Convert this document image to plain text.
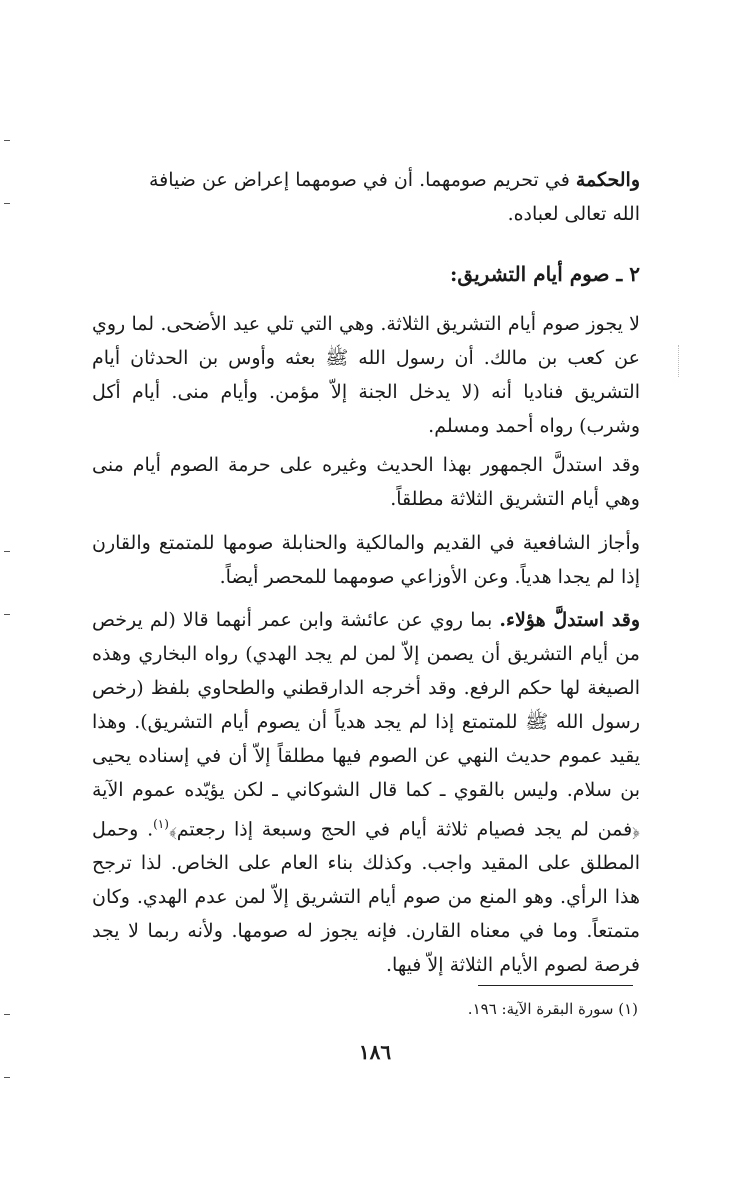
والحكمة في تحريم صومهما. أن في صومهما إعراض عن ضيافة
الله تعالى لعباده.

٢ ـ صوم أيام التشريق:

لا يجوز صوم أيام التشريق الثلاثة. وهي التي تلي عيد الأضحى. لما روي عن كعب بن مالك. أن رسول الله ﷺ بعثه وأوس بن الحدثان أيام التشريق فناديا أنه (لا يدخل الجنة إلاّ مؤمن. وأيام منى. أيام أكل وشرب) رواه أحمد ومسلم.

وقد استدلَّ الجمهور بهذا الحديث وغيره على حرمة الصوم أيام منى وهي أيام التشريق الثلاثة مطلقاً.

وأجاز الشافعية في القديم والمالكية والحنابلة صومها للمتمتع والقارن إذا لم يجدا هدياً. وعن الأوزاعي صومهما للمحصر أيضاً.

وقد استدلَّ هؤلاء. بما روي عن عائشة وابن عمر أنهما قالا (لم يرخص من أيام التشريق أن يصمن إلاّ لمن لم يجد الهدي) رواه البخاري وهذه الصيغة لها حكم الرفع. وقد أخرجه الدارقطني والطحاوي بلفظ (رخص رسول الله ﷺ للمتمتع إذا لم يجد هدياً أن يصوم أيام التشريق). وهذا يقيد عموم حديث النهي عن الصوم فيها مطلقاً إلاّ أن في إسناده يحيى بن سلام. وليس بالقوي ـ كما قال الشوكاني ـ لكن يؤيّده عموم الآية ﴿فمن لم يجد فصيام ثلاثة أيام في الحج وسبعة إذا رجعتم﴾$^{(١)}$. وحمل المطلق على المقيد واجب. وكذلك بناء العام على الخاص. لذا ترجح هذا الرأي. وهو المنع من صوم أيام التشريق إلاّ لمن عدم الهدي. وكان متمتعاً. وما في معناه القارن. فإنه يجوز له صومها. ولأنه ربما لا يجد فرصة لصوم الأيام الثلاثة إلاّ فيها.

(١) سورة البقرة الآية: ١٩٦.
١٨٦
